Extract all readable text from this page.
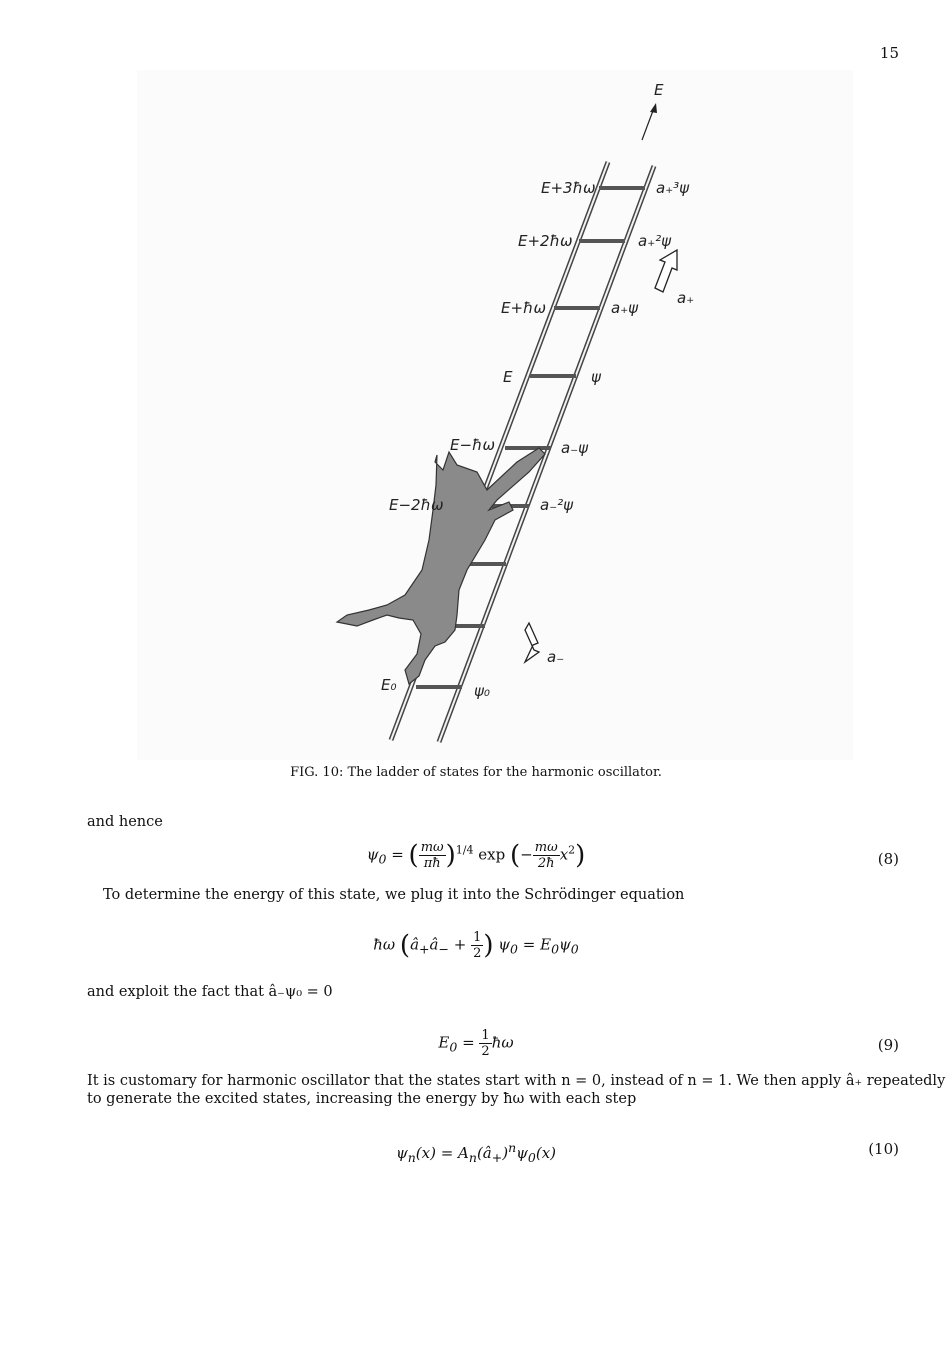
15
E
E+3ħω
E+2ħω
E+ħω
E
E−ħω
E−2ħω
E₀
a₊³ψ
a₊²ψ
a₊ψ
ψ
a₋ψ
a₋²ψ
ψ₀
a₊
a₋
FIG. 10: The ladder of states for the harmonic oscillator.
and hence
$\psi_0$ = ( $\frac{m\omega}{\pi ħ} )^{1/4}$ exp (− $\frac{m\omega}{2ħ} x^2$)	(8)
To determine the energy of this state, we plug it into the Schrödinger equation
ħω ($â_+â_- + \frac{1}{2}$ ) $\psi_0 = E_0\psi_0$
and exploit the fact that â₋ψ₀ = 0
$E_0 = \frac{1}{2}$ ħω	(9)
It is customary for harmonic oscillator that the states start with n = 0, instead of n = 1. We then apply â₊ repeatedly
to generate the excited states, increasing the energy by ħω with each step
$\psi_n(x)$ = $A_n(â_+)^n\psi_0(x)$	(10)
